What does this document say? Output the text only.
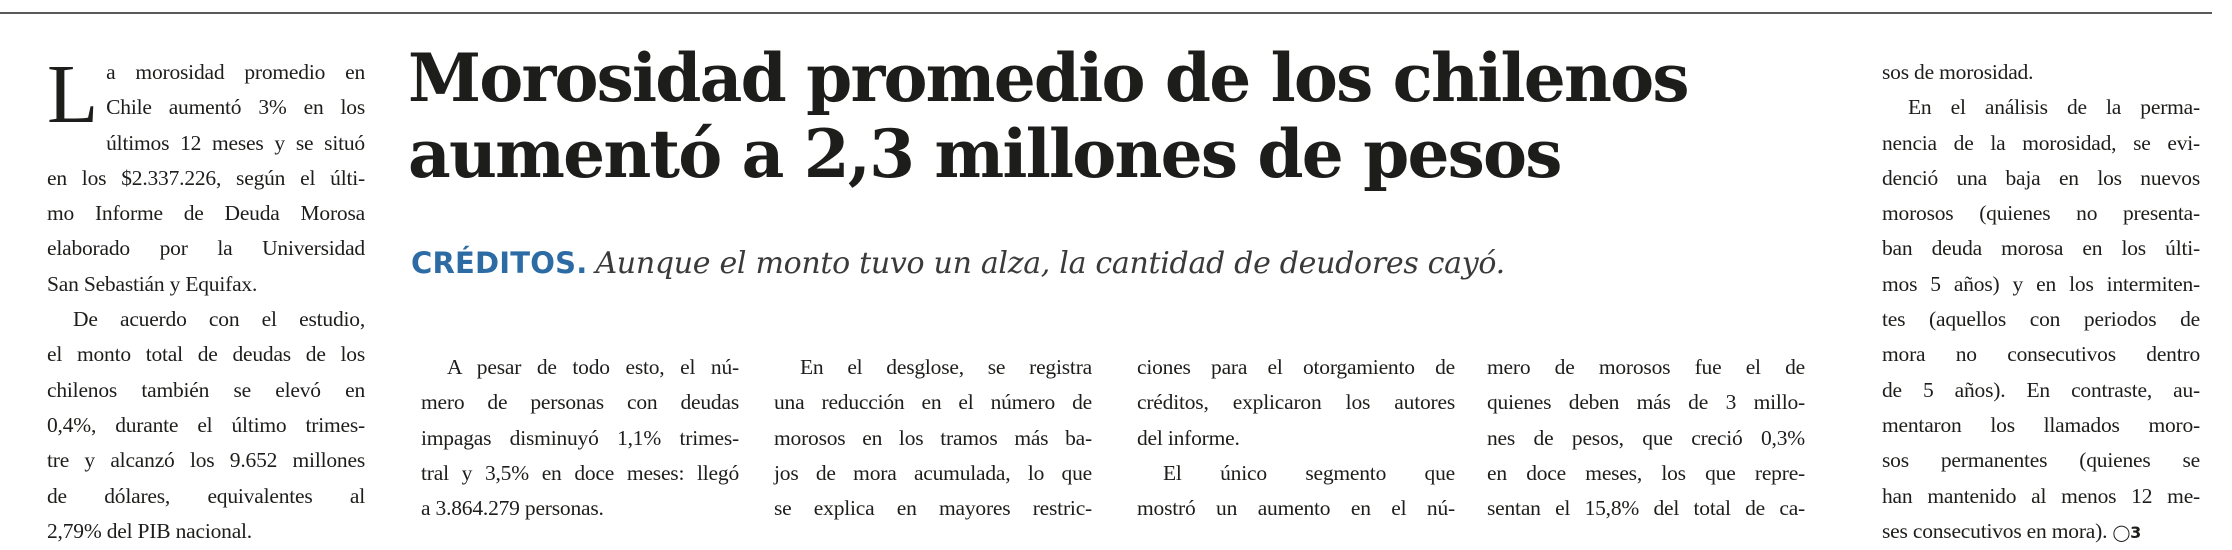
L a morosidad promedio en
Chile aumentó 3% en los
últimos 12 meses y se situó
en los $2.337.226, según el últi-
mo Informe de Deuda Morosa
elaborado por la Universidad
San Sebastián y Equifax.
De acuerdo con el estudio,
el monto total de deudas de los
chilenos también se elevó en
0,4%, durante el último trimes-
tre y alcanzó los 9.652 millones
de dólares, equivalentes al
2,79% del PIB nacional.
Morosidad promedio de los chilenos
aumentó a 2,3 millones de pesos
CRÉDITOS. Aunque el monto tuvo un alza, la cantidad de deudores cayó.
A pesar de todo esto, el nú-
mero de personas con deudas
impagas disminuyó 1,1% trimes-
tral y 3,5% en doce meses: llegó
a 3.864.279 personas.
En el desglose, se registra
una reducción en el número de
morosos en los tramos más ba-
jos de mora acumulada, lo que
se explica en mayores restric-
ciones para el otorgamiento de
créditos, explicaron los autores
del informe.
El único segmento que
mostró un aumento en el nú-
mero de morosos fue el de
quienes deben más de 3 millo-
nes de pesos, que creció 0,3%
en doce meses, los que repre-
sentan el 15,8% del total de ca-
sos de morosidad.
En el análisis de la perma-
nencia de la morosidad, se evi-
denció una baja en los nuevos
morosos (quienes no presenta-
ban deuda morosa en los últi-
mos 5 años) y en los intermiten-
tes (aquellos con periodos de
mora no consecutivos dentro
de 5 años). En contraste, au-
mentaron los llamados moro-
sos permanentes (quienes se
han mantenido al menos 12 me-
ses consecutivos en mora). ◯3
